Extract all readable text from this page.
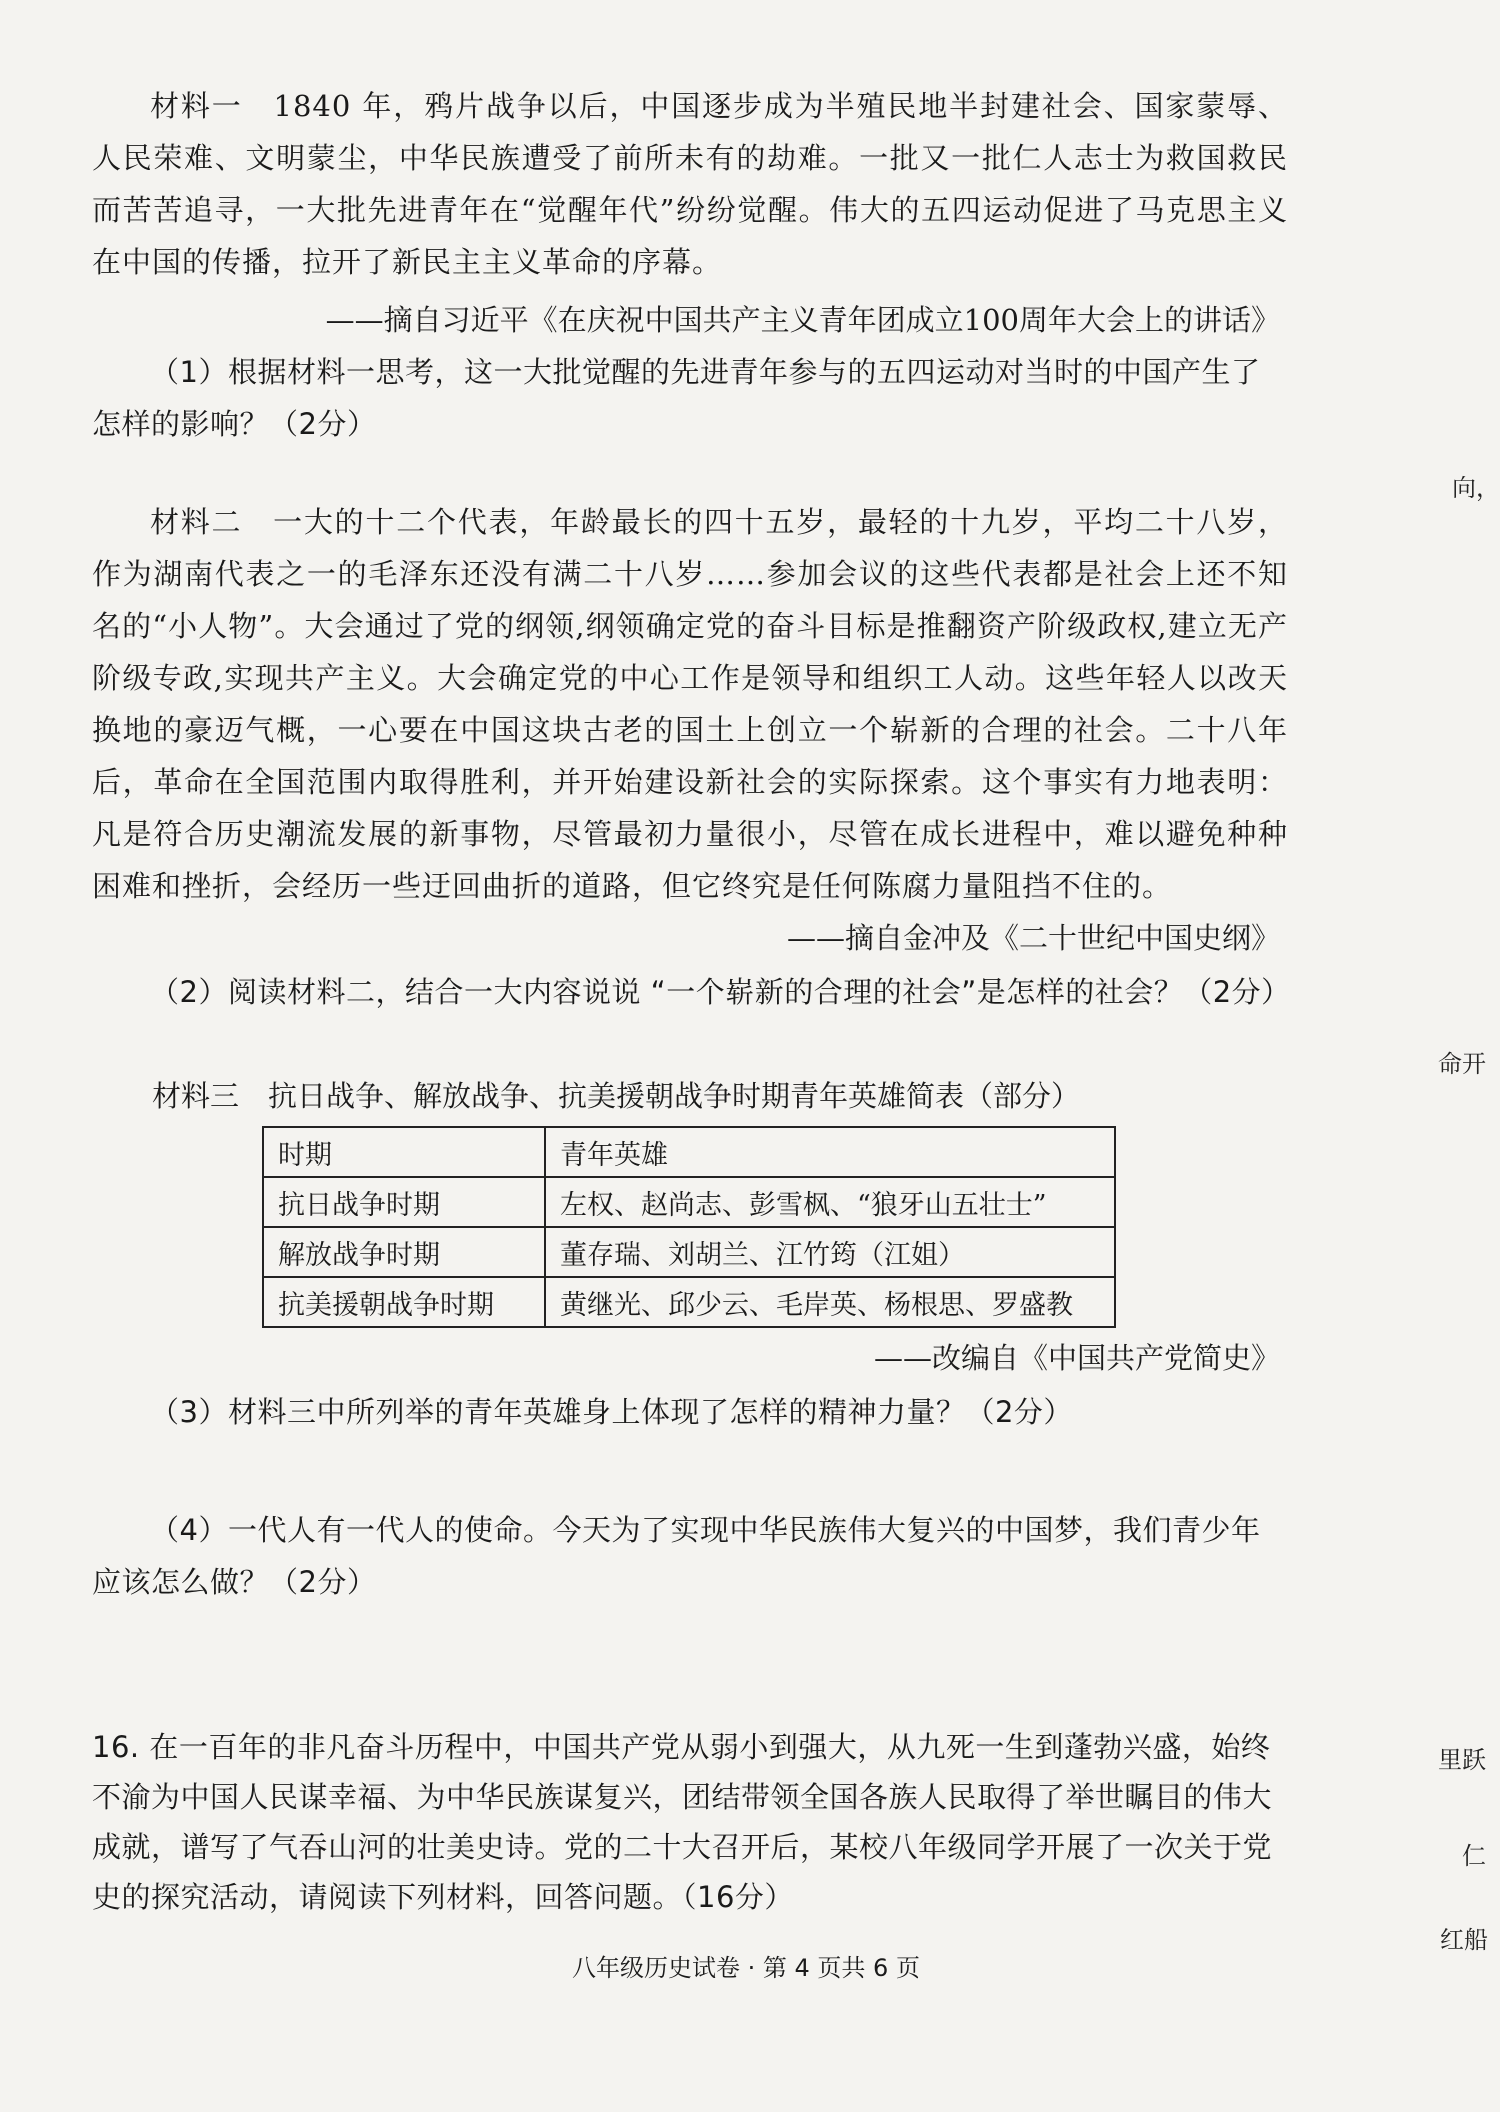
材料一　1840 年，鸦片战争以后，中国逐步成为半殖民地半封建社会、国家蒙辱、人民荣难、文明蒙尘，中华民族遭受了前所未有的劫难。一批又一批仁人志士为救国救民而苦苦追寻，一大批先进青年在“觉醒年代”纷纷觉醒。伟大的五四运动促进了马克思主义在中国的传播，拉开了新民主主义革命的序幕。
——摘自习近平《在庆祝中国共产主义青年团成立100周年大会上的讲话》
（1）根据材料一思考，这一大批觉醒的先进青年参与的五四运动对当时的中国产生了怎样的影响？（2分）
材料二　一大的十二个代表，年龄最长的四十五岁，最轻的十九岁，平均二十八岁，作为湖南代表之一的毛泽东还没有满二十八岁……参加会议的这些代表都是社会上还不知名的“小人物”。大会通过了党的纲领,纲领确定党的奋斗目标是推翻资产阶级政权,建立无产阶级专政,实现共产主义。大会确定党的中心工作是领导和组织工人动。这些年轻人以改天换地的豪迈气概，一心要在中国这块古老的国土上创立一个崭新的合理的社会。二十八年后，革命在全国范围内取得胜利，并开始建设新社会的实际探索。这个事实有力地表明：凡是符合历史潮流发展的新事物，尽管最初力量很小，尽管在成长进程中，难以避免种种困难和挫折，会经历一些迂回曲折的道路，但它终究是任何陈腐力量阻挡不住的。
——摘自金冲及《二十世纪中国史纲》
（2）阅读材料二，结合一大内容说说 “一个崭新的合理的社会”是怎样的社会？（2分）
材料三　抗日战争、解放战争、抗美援朝战争时期青年英雄简表（部分）
时期	青年英雄
抗日战争时期	左权、赵尚志、彭雪枫、“狼牙山五壮士”
解放战争时期	董存瑞、刘胡兰、江竹筠（江姐）
抗美援朝战争时期	黄继光、邱少云、毛岸英、杨根思、罗盛教
——改编自《中国共产党简史》
（3）材料三中所列举的青年英雄身上体现了怎样的精神力量？（2分）
（4）一代人有一代人的使命。今天为了实现中华民族伟大复兴的中国梦，我们青少年应该怎么做？（2分）
16. 在一百年的非凡奋斗历程中，中国共产党从弱小到强大，从九死一生到蓬勃兴盛，始终不渝为中国人民谋幸福、为中华民族谋复兴，团结带领全国各族人民取得了举世瞩目的伟大成就，谱写了气吞山河的壮美史诗。党的二十大召开后，某校八年级同学开展了一次关于党史的探究活动，请阅读下列材料，回答问题。（16分）
八年级历史试卷 · 第 4 页共 6 页
向，
命开
里跃
仁
红船
